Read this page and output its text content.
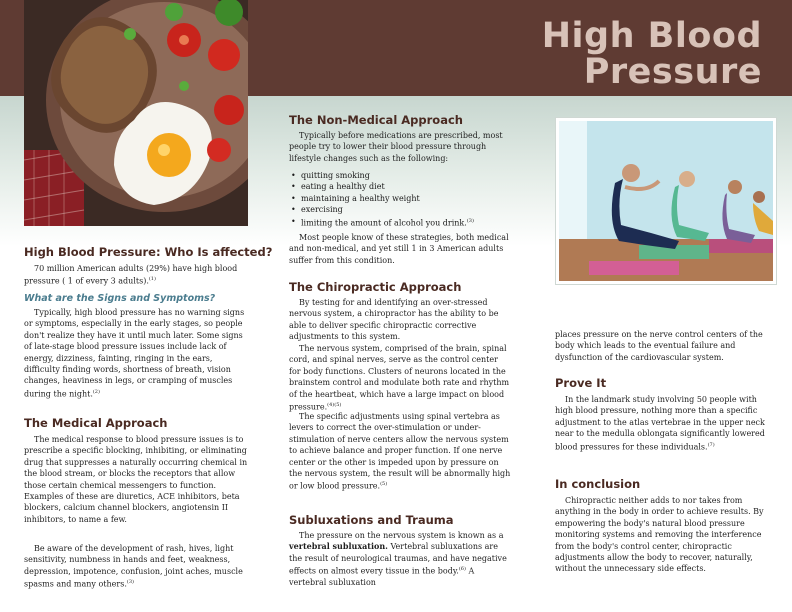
High Blood
Pressure
High Blood Pressure: Who Is affected?

70 million American adults (29%) have high blood pressure ( 1 of every 3 adults).$^{(1)}$

What are the Signs and Symptoms?

Typically, high blood pressure has no warning signs or symptoms, especially in the early stages, so people don't realize they have it until much later. Some signs of late-stage blood pressure issues include lack of energy, dizziness, fainting, ringing in the ears, difficulty finding words, shortness of breath, vision changes, heaviness in legs, or cramping of muscles during the night.$^{(2)}$

The Medical Approach

The medical response to blood pressure issues is to prescribe a specific blocking, inhibiting, or eliminating drug that suppresses a naturally occurring chemical in the blood stream, or blocks the receptors that allow those certain chemical messengers to function. Examples of these are diuretics, ACE inhibitors, beta blockers, calcium channel blockers, angiotensin II inhibitors, to name a few.

Be aware of the development of rash, hives, light sensitivity, numbness in hands and feet, weakness, depression, impotence, confusion, joint aches, muscle spasms and many others.$^{(3)}$

The Non-Medical Approach

Typically before medications are prescribed, most people try to lower their blood pressure through lifestyle changes such as the following:

• quitting smoking
• eating a healthy diet
• maintaining a healthy weight
• exercising
• limiting the amount of alcohol you drink.$^{(3)}$

Most people know of these strategies, both medical and non-medical, and yet still 1 in 3 American adults suffer from this condition.

The Chiropractic Approach

By testing for and identifying an over-stressed nervous system, a chiropractor has the ability to be able to deliver specific chiropractic corrective adjustments to this system.

The nervous system, comprised of the brain, spinal cord, and spinal nerves, serve as the control center for body functions. Clusters of neurons located in the brainstem control and modulate both rate and rhythm of the heartbeat, which have a large impact on blood pressure.$^{(4)(5)}$

The specific adjustments using spinal vertebra as levers to correct the over-stimulation or under-stimulation of nerve centers allow the nervous system to achieve balance and proper function. If one nerve center or the other is impeded upon by pressure on the nervous system, the result will be abnormally high or low blood pressure.$^{(5)}$

Subluxations and Trauma

The pressure on the nervous system is known as a vertebral subluxation. Vertebral subluxations are the result of neurological traumas, and have negative effects on almost every tissue in the body.$^{(6)}$ A vertebral subluxation

places pressure on the nerve control centers of the body which leads to the eventual failure and dysfunction of the cardiovascular system.

Prove It

In the landmark study involving 50 people with high blood pressure, nothing more than a specific adjustment to the atlas vertebrae in the upper neck near to the medulla oblongata significantly lowered blood pressures for these individuals.$^{(7)}$

In conclusion

Chiropractic neither adds to nor takes from anything in the body in order to achieve results. By empowering the body's natural blood pressure monitoring systems and removing the interference from the body's control center, chiropractic adjustments allow the body to recover, naturally, without the unnecessary side effects.
